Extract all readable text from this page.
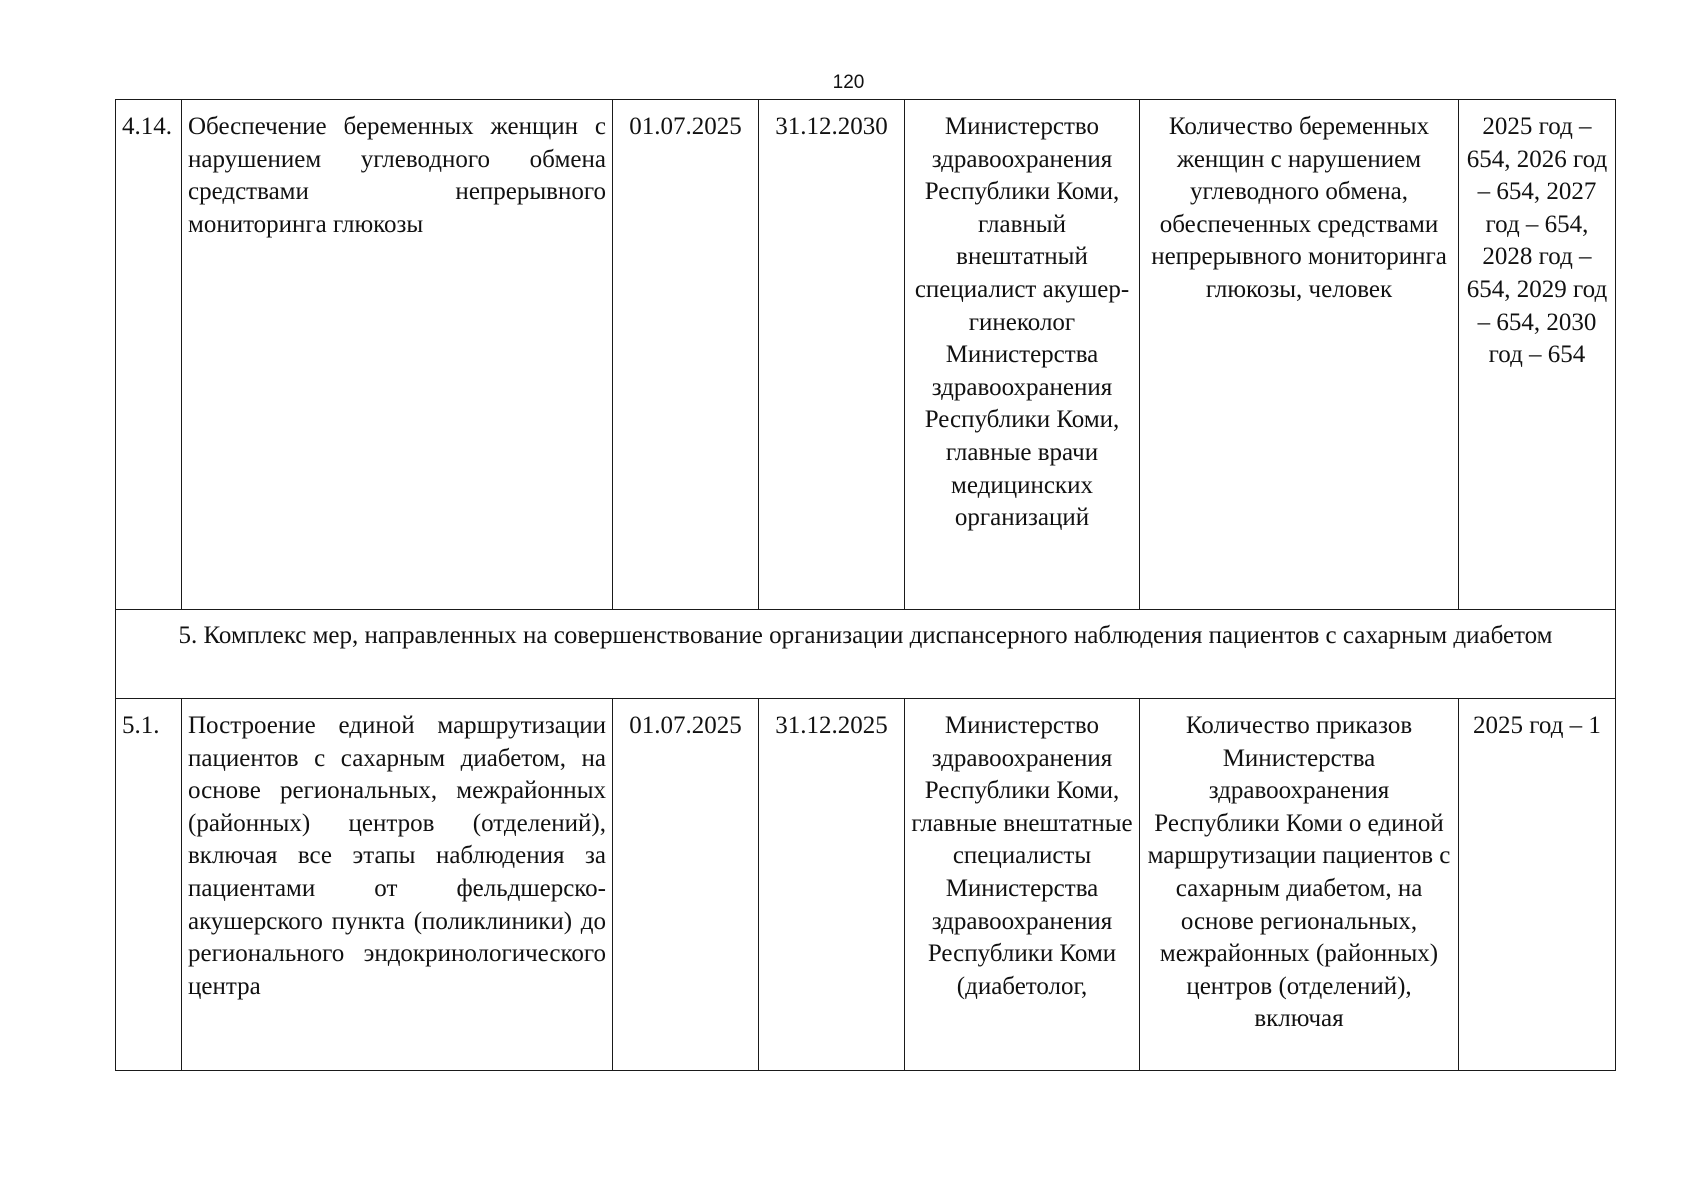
120
4.14.	Обеспечение беременных женщин с нарушением углеводного обмена средствами непрерывного мониторинга глюкозы	01.07.2025	31.12.2030	Министерство здравоохранения Республики Коми, главный внештатный специалист акушер-гинеколог Министерства здравоохранения Республики Коми, главные врачи медицинских организаций	Количество беременных женщин с нарушением углеводного обмена, обеспеченных средствами непрерывного мониторинга глюкозы, человек	2025 год – 654, 2026 год – 654, 2027 год – 654, 2028 год – 654, 2029 год – 654, 2030 год – 654
5. Комплекс мер, направленных на совершенствование организации диспансерного наблюдения пациентов с сахарным диабетом						
5.1.	Построение единой маршрутизации пациентов с сахарным диабетом, на основе региональных, межрайонных (районных) центров (отделений), включая все этапы наблюдения за пациентами от фельдшерско-акушерского пункта (поликлиники) до регионального эндокринологического центра	01.07.2025	31.12.2025	Министерство здравоохранения Республики Коми, главные внештатные специалисты Министерства здравоохранения Республики Коми (диабетолог,	Количество приказов Министерства здравоохранения Республики Коми о единой маршрутизации пациентов с сахарным диабетом, на основе региональных, межрайонных (районных) центров (отделений), включая	2025 год – 1
